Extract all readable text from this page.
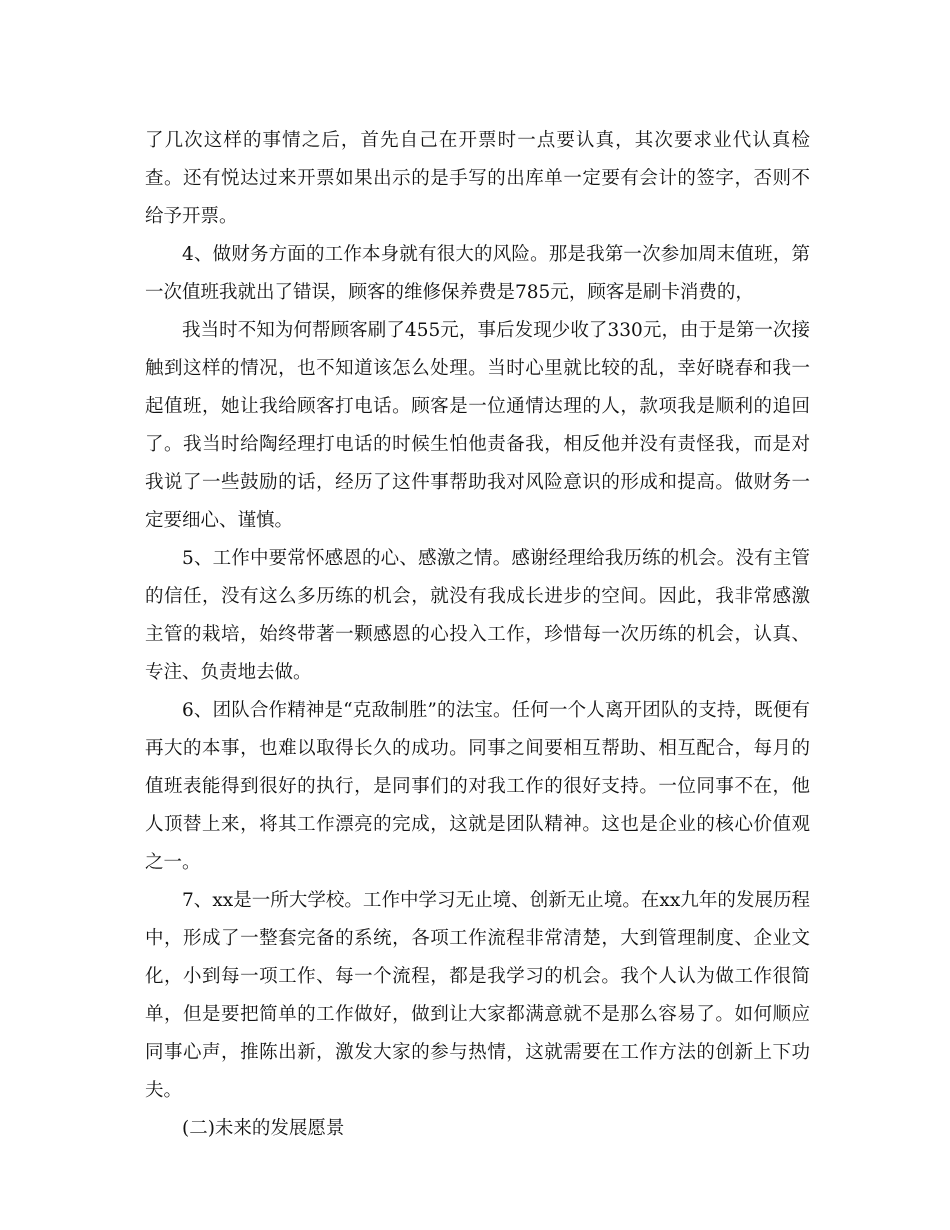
了几次这样的事情之后，首先自己在开票时一点要认真，其次要求业代认真检查。还有悦达过来开票如果出示的是手写的出库单一定要有会计的签字，否则不给予开票。

4、做财务方面的工作本身就有很大的风险。那是我第一次参加周末值班，第一次值班我就出了错误，顾客的维修保养费是785元，顾客是刷卡消费的，

我当时不知为何帮顾客刷了455元，事后发现少收了330元，由于是第一次接触到这样的情况，也不知道该怎么处理。当时心里就比较的乱，幸好晓春和我一起值班，她让我给顾客打电话。顾客是一位通情达理的人，款项我是顺利的追回了。我当时给陶经理打电话的时候生怕他责备我，相反他并没有责怪我，而是对我说了一些鼓励的话，经历了这件事帮助我对风险意识的形成和提高。做财务一定要细心、谨慎。

5、工作中要常怀感恩的心、感激之情。感谢经理给我历练的机会。没有主管的信任，没有这么多历练的机会，就没有我成长进步的空间。因此，我非常感激主管的栽培，始终带著一颗感恩的心投入工作，珍惜每一次历练的机会，认真、专注、负责地去做。

6、团队合作精神是“克敌制胜”的法宝。任何一个人离开团队的支持，既便有再大的本事，也难以取得长久的成功。同事之间要相互帮助、相互配合，每月的值班表能得到很好的执行，是同事们的对我工作的很好支持。一位同事不在，他人顶替上来，将其工作漂亮的完成，这就是团队精神。这也是企业的核心价值观之一。

7、xx是一所大学校。工作中学习无止境、创新无止境。在xx九年的发展历程中，形成了一整套完备的系统，各项工作流程非常清楚，大到管理制度、企业文化，小到每一项工作、每一个流程，都是我学习的机会。我个人认为做工作很简单，但是要把简单的工作做好，做到让大家都满意就不是那么容易了。如何顺应同事心声，推陈出新，激发大家的参与热情，这就需要在工作方法的创新上下功夫。

(二)未来的发展愿景
